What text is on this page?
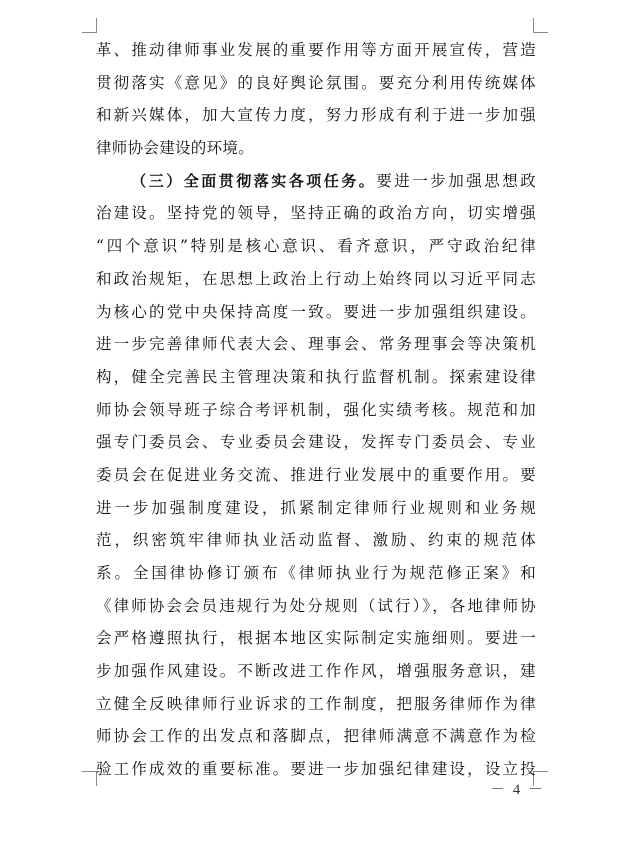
革、推动律师事业发展的重要作用等方面开展宣传，营造
贯彻落实《意见》的良好舆论氛围。要充分利用传统媒体
和新兴媒体，加大宣传力度，努力形成有利于进一步加强
律师协会建设的环境。
（三）全面贯彻落实各项任务。要进一步加强思想政
治建设。坚持党的领导，坚持正确的政治方向，切实增强
“四个意识”特别是核心意识、看齐意识，严守政治纪律
和政治规矩，在思想上政治上行动上始终同以习近平同志
为核心的党中央保持高度一致。要进一步加强组织建设。
进一步完善律师代表大会、理事会、常务理事会等决策机
构，健全完善民主管理决策和执行监督机制。探索建设律
师协会领导班子综合考评机制，强化实绩考核。规范和加
强专门委员会、专业委员会建设，发挥专门委员会、专业
委员会在促进业务交流、推进行业发展中的重要作用。要
进一步加强制度建设，抓紧制定律师行业规则和业务规
范，织密筑牢律师执业活动监督、激励、约束的规范体
系。全国律协修订颁布《律师执业行为规范修正案》和
《律师协会会员违规行为处分规则（试行）》，各地律师协
会严格遵照执行，根据本地区实际制定实施细则。要进一
步加强作风建设。不断改进工作作风，增强服务意识，建
立健全反映律师行业诉求的工作制度，把服务律师作为律
师协会工作的出发点和落脚点，把律师满意不满意作为检
验工作成效的重要标准。要进一步加强纪律建设，设立投
－ 4 －
